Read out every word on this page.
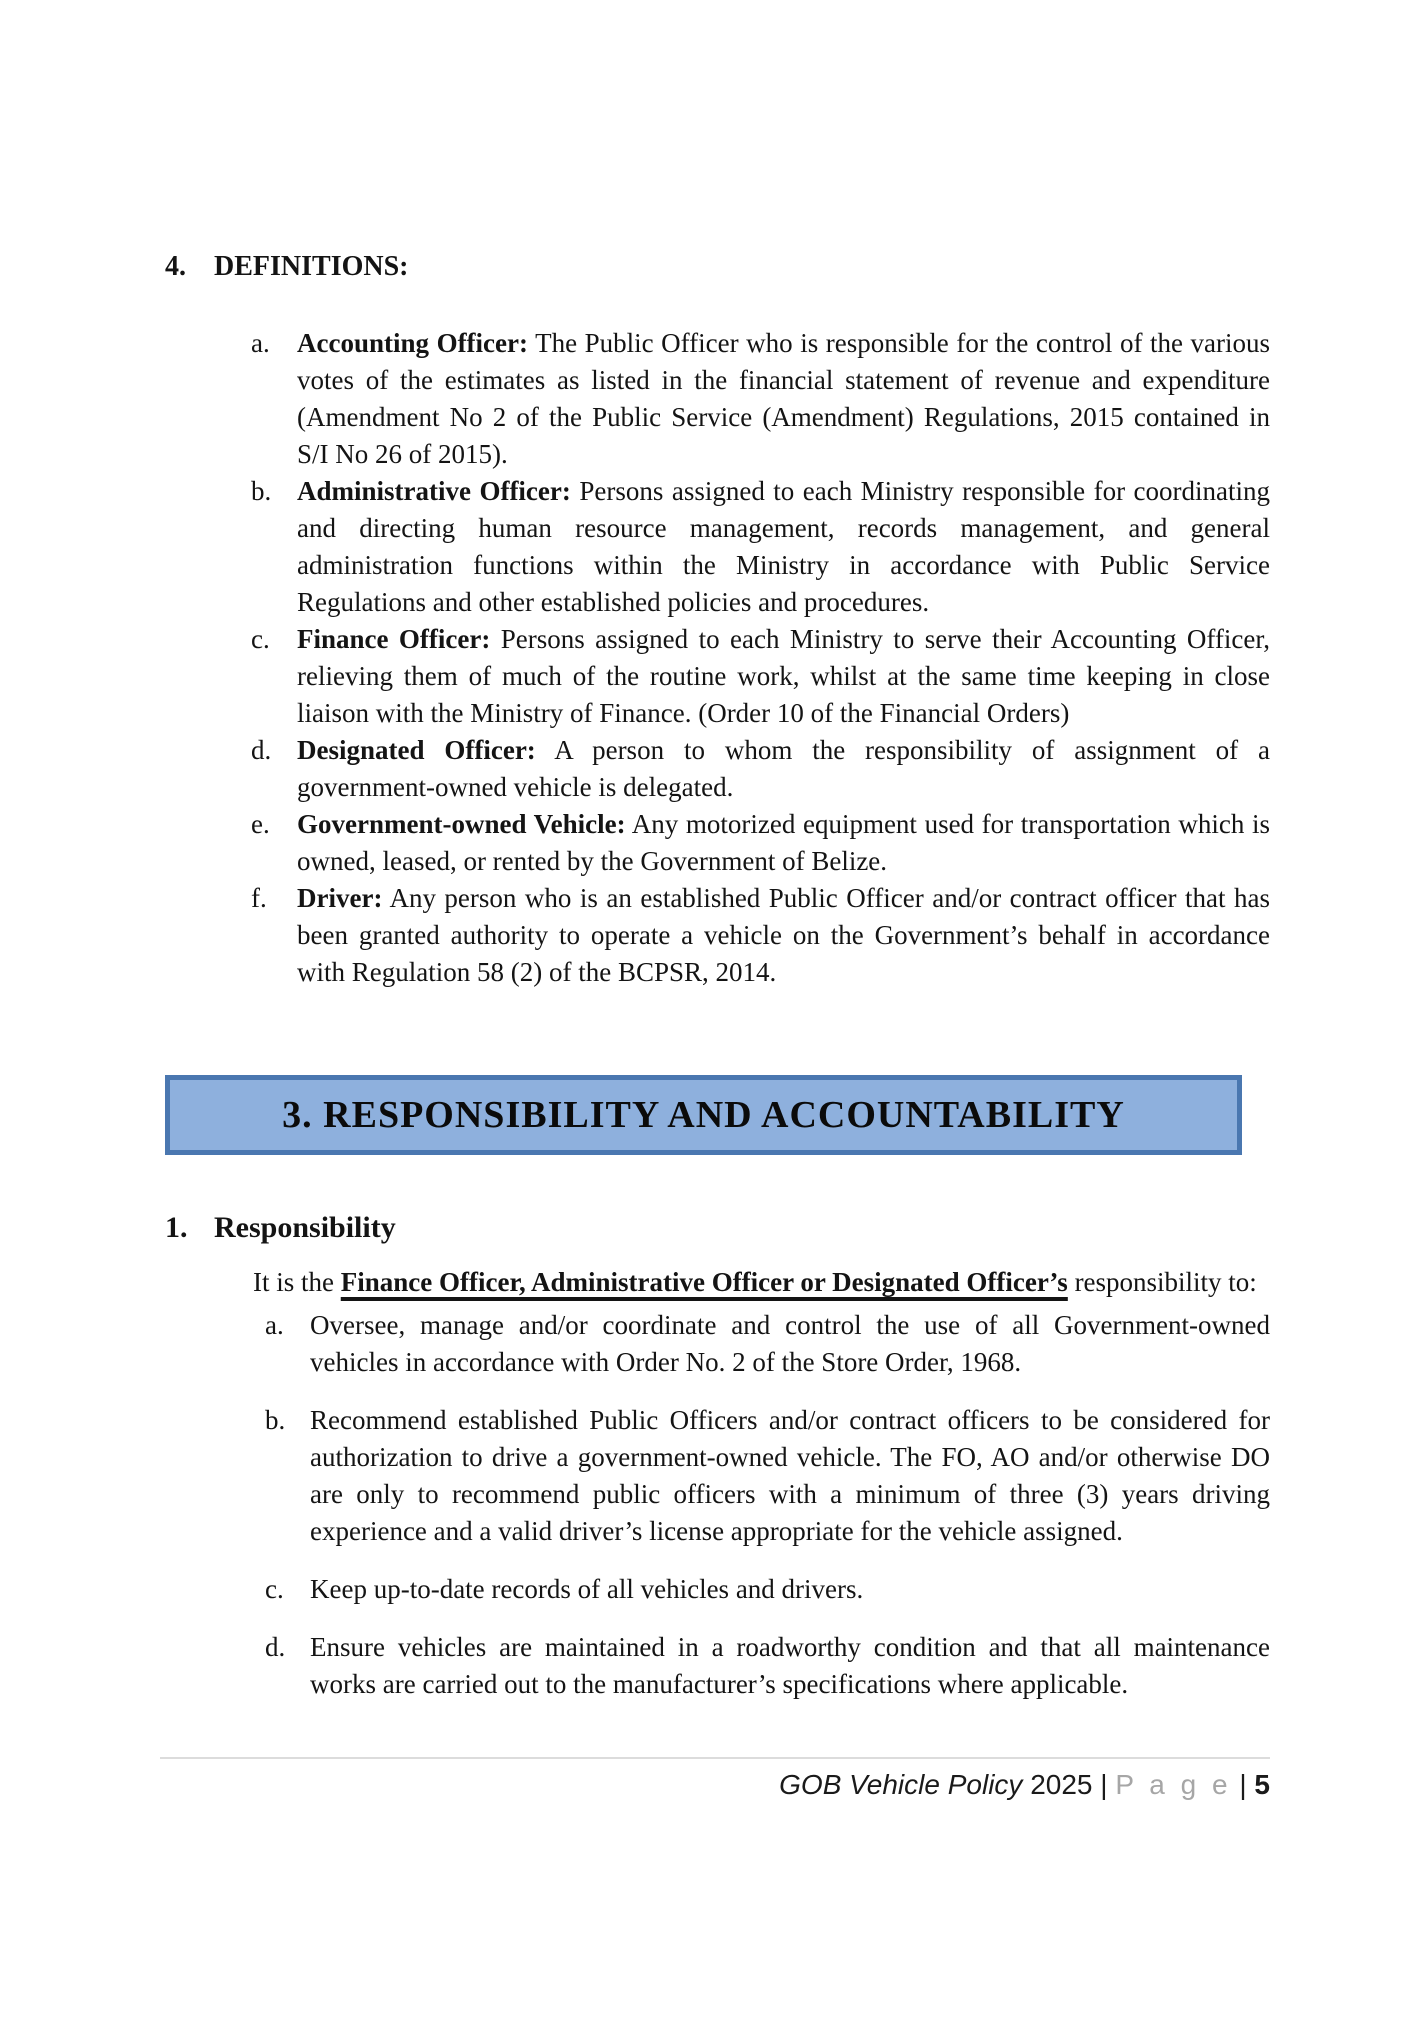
4. DEFINITIONS:
a. Accounting Officer: The Public Officer who is responsible for the control of the various votes of the estimates as listed in the financial statement of revenue and expenditure (Amendment No 2 of the Public Service (Amendment) Regulations, 2015 contained in S/I No 26 of 2015).
b. Administrative Officer: Persons assigned to each Ministry responsible for coordinating and directing human resource management, records management, and general administration functions within the Ministry in accordance with Public Service Regulations and other established policies and procedures.
c. Finance Officer: Persons assigned to each Ministry to serve their Accounting Officer, relieving them of much of the routine work, whilst at the same time keeping in close liaison with the Ministry of Finance. (Order 10 of the Financial Orders)
d. Designated Officer: A person to whom the responsibility of assignment of a government-owned vehicle is delegated.
e. Government-owned Vehicle: Any motorized equipment used for transportation which is owned, leased, or rented by the Government of Belize.
f. Driver: Any person who is an established Public Officer and/or contract officer that has been granted authority to operate a vehicle on the Government’s behalf in accordance with Regulation 58 (2) of the BCPSR, 2014.
3. RESPONSIBILITY AND ACCOUNTABILITY
1. Responsibility

It is the Finance Officer, Administrative Officer or Designated Officer’s responsibility to:

a. Oversee, manage and/or coordinate and control the use of all Government-owned vehicles in accordance with Order No. 2 of the Store Order, 1968.
b. Recommend established Public Officers and/or contract officers to be considered for authorization to drive a government-owned vehicle. The FO, AO and/or otherwise DO are only to recommend public officers with a minimum of three (3) years driving experience and a valid driver’s license appropriate for the vehicle assigned.
c. Keep up-to-date records of all vehicles and drivers.
d. Ensure vehicles are maintained in a roadworthy condition and that all maintenance works are carried out to the manufacturer’s specifications where applicable.
GOB Vehicle Policy 2025 | P a g e | 5
